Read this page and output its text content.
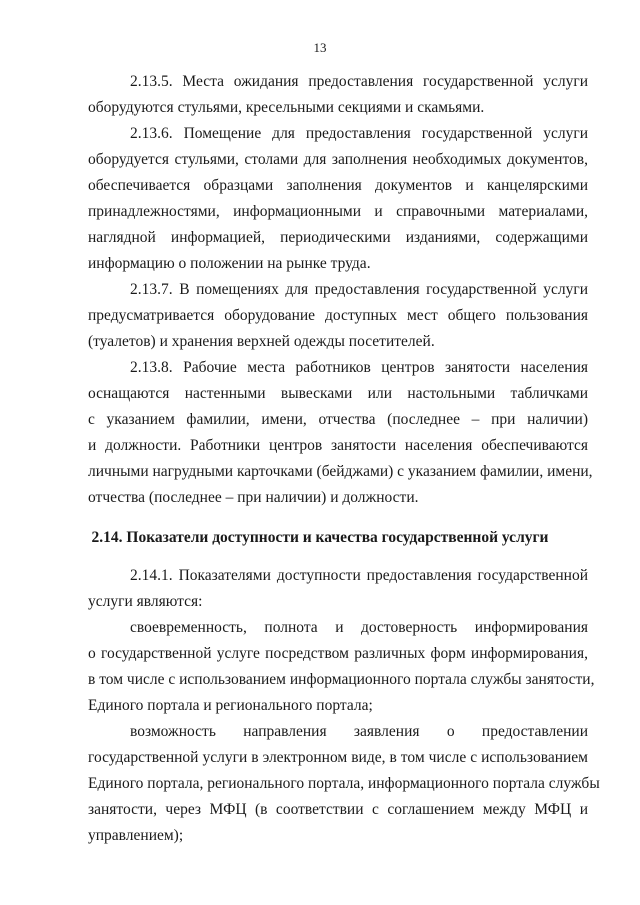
13
2.13.5. Места ожидания предоставления государственной услуги
оборудуются стульями, кресельными секциями и скамьями.
2.13.6. Помещение для предоставления государственной услуги
оборудуется стульями, столами для заполнения необходимых документов,
обеспечивается образцами заполнения документов и канцелярскими
принадлежностями, информационными и справочными материалами,
наглядной информацией, периодическими изданиями, содержащими
информацию о положении на рынке труда.
2.13.7. В помещениях для предоставления государственной услуги
предусматривается оборудование доступных мест общего пользования
(туалетов) и хранения верхней одежды посетителей.
2.13.8. Рабочие места работников центров занятости населения
оснащаются настенными вывесками или настольными табличками
с указанием фамилии, имени, отчества (последнее – при наличии)
и должности. Работники центров занятости населения обеспечиваются
личными нагрудными карточками (бейджами) с указанием фамилии, имени,
отчества (последнее – при наличии) и должности.
2.14. Показатели доступности и качества государственной услуги
2.14.1. Показателями доступности предоставления государственной
услуги являются:
своевременность, полнота и достоверность информирования
о государственной услуге посредством различных форм информирования,
в том числе с использованием информационного портала службы занятости,
Единого портала и регионального портала;
возможность направления заявления о предоставлении
государственной услуги в электронном виде, в том числе с использованием
Единого портала, регионального портала, информационного портала службы
занятости, через МФЦ (в соответствии с соглашением между МФЦ и
управлением);
